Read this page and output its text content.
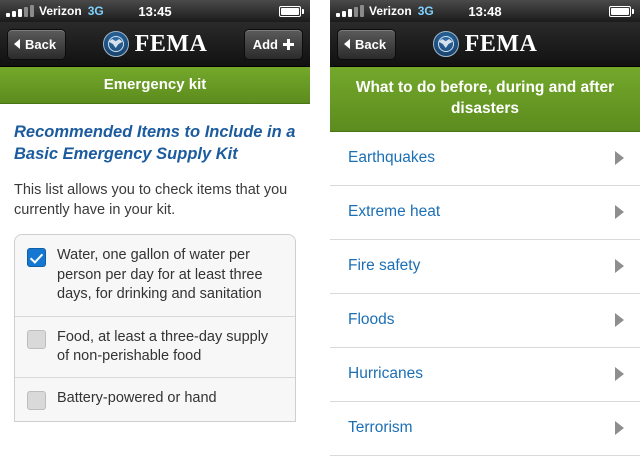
Verizon 3G	13:45
Back	FEMA	Add
Emergency kit
Recommended Items to Include in a Basic Emergency Supply Kit
This list allows you to check items that you currently have in your kit.
Water, one gallon of water per person per day for at least three days, for drinking and sanitation
Food, at least a three-day supply of non-perishable food
Battery-powered or hand
Verizon 3G	13:48
Back	FEMA
What to do before, during and after disasters
Earthquakes
Extreme heat
Fire safety
Floods
Hurricanes
Terrorism
